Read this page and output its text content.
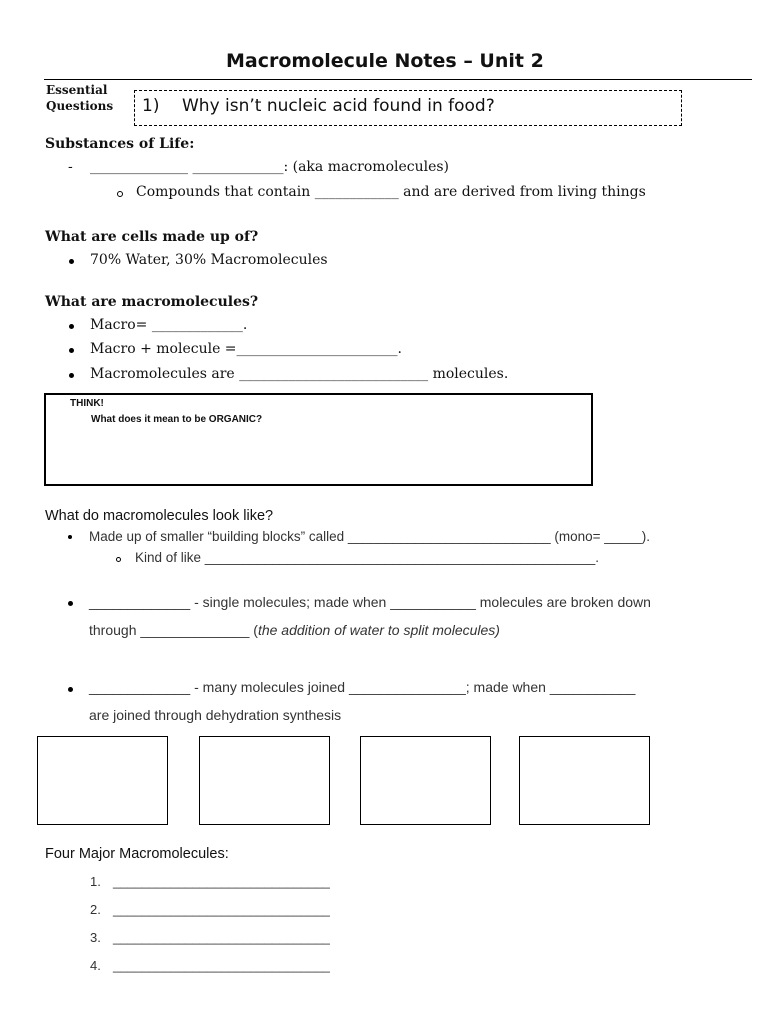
Macromolecule Notes – Unit 2
Essential
Questions 1) Why isn’t nucleic acid found in food?
Substances of Life:
- ______________ _____________: (aka macromolecules)
Compounds that contain ____________ and are derived from living things
What are cells made up of?
70% Water, 30% Macromolecules
What are macromolecules?
Macro= _____________.
Macro + molecule =_______________________.
Macromolecules are ___________________________ molecules.
THINK!
What does it mean to be ORGANIC?
What do macromolecules look like?
Made up of smaller “building blocks” called ___________________________ (mono= _____).
Kind of like ____________________________________________________.
_____________ - single molecules; made when ___________ molecules are broken down
through ______________ (the addition of water to split molecules)
_____________ - many molecules joined _______________; made when ___________
are joined through dehydration synthesis
Four Major Macromolecules:
1. ______________________________
2. ______________________________
3. ______________________________
4. ______________________________
